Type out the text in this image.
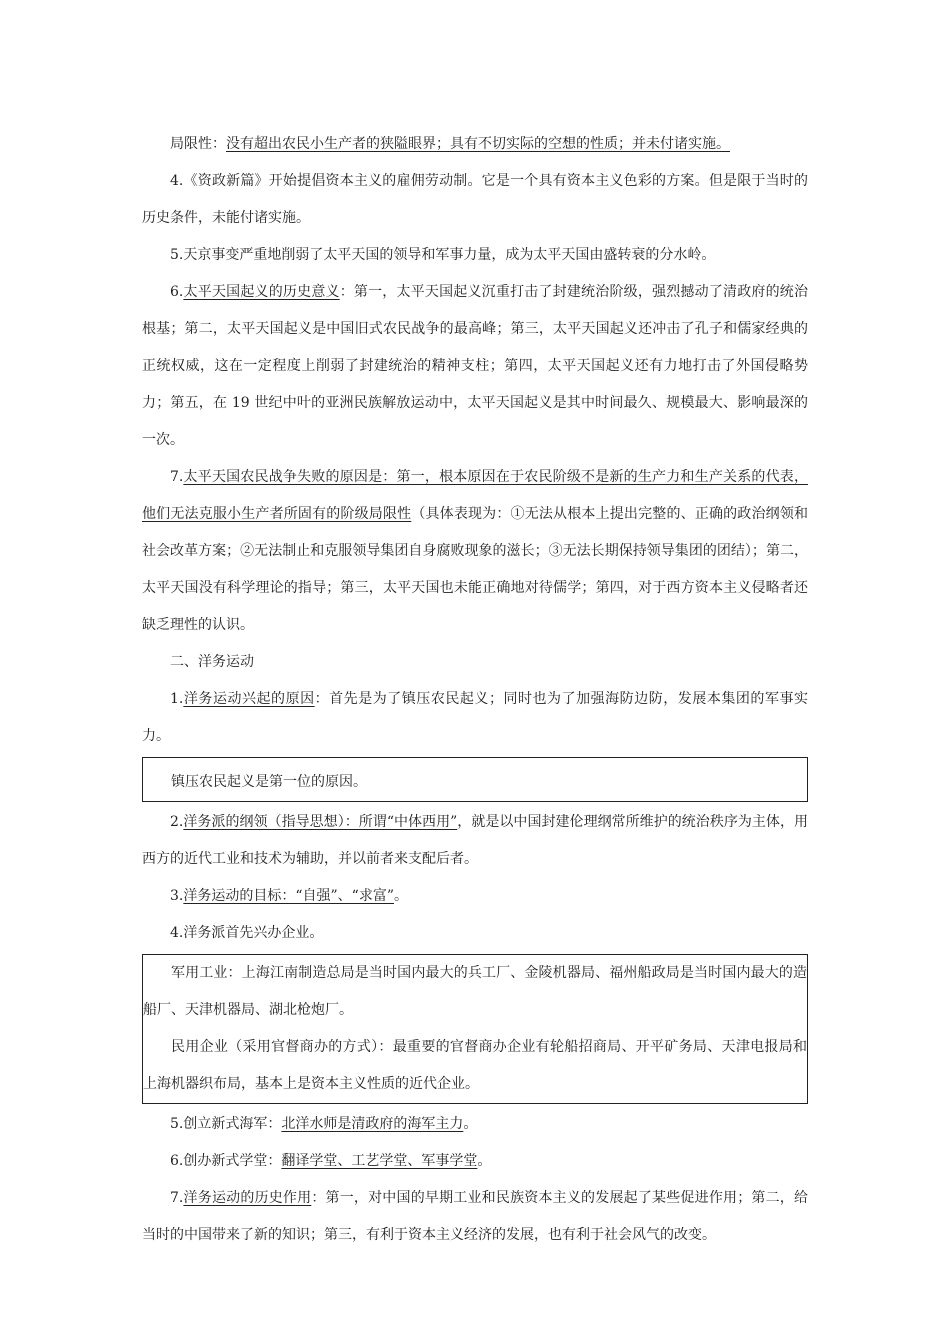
局限性：没有超出农民小生产者的狭隘眼界；具有不切实际的空想的性质；并未付诸实施。

4.《资政新篇》开始提倡资本主义的雇佣劳动制。它是一个具有资本主义色彩的方案。但是限于当时的历史条件，未能付诸实施。

5.天京事变严重地削弱了太平天国的领导和军事力量，成为太平天国由盛转衰的分水岭。

6.太平天国起义的历史意义：第一，太平天国起义沉重打击了封建统治阶级，强烈撼动了清政府的统治根基；第二，太平天国起义是中国旧式农民战争的最高峰；第三，太平天国起义还冲击了孔子和儒家经典的正统权威，这在一定程度上削弱了封建统治的精神支柱；第四，太平天国起义还有力地打击了外国侵略势力；第五，在 19 世纪中叶的亚洲民族解放运动中，太平天国起义是其中时间最久、规模最大、影响最深的一次。

7.太平天国农民战争失败的原因是：第一，根本原因在于农民阶级不是新的生产力和生产关系的代表，他们无法克服小生产者所固有的阶级局限性（具体表现为：①无法从根本上提出完整的、正确的政治纲领和社会改革方案；②无法制止和克服领导集团自身腐败现象的滋长；③无法长期保持领导集团的团结）；第二，太平天国没有科学理论的指导；第三，太平天国也未能正确地对待儒学；第四，对于西方资本主义侵略者还缺乏理性的认识。

二、洋务运动

1.洋务运动兴起的原因：首先是为了镇压农民起义；同时也为了加强海防边防，发展本集团的军事实力。

镇压农民起义是第一位的原因。

2.洋务派的纲领（指导思想）：所谓“中体西用”，就是以中国封建伦理纲常所维护的统治秩序为主体，用西方的近代工业和技术为辅助，并以前者来支配后者。

3.洋务运动的目标：“自强”、“求富”。

4.洋务派首先兴办企业。

军用工业：上海江南制造总局是当时国内最大的兵工厂、金陵机器局、福州船政局是当时国内最大的造船厂、天津机器局、湖北枪炮厂。

民用企业（采用官督商办的方式）：最重要的官督商办企业有轮船招商局、开平矿务局、天津电报局和上海机器织布局，基本上是资本主义性质的近代企业。

5.创立新式海军：北洋水师是清政府的海军主力。

6.创办新式学堂：翻译学堂、工艺学堂、军事学堂。

7.洋务运动的历史作用：第一，对中国的早期工业和民族资本主义的发展起了某些促进作用；第二，给当时的中国带来了新的知识；第三，有利于资本主义经济的发展，也有利于社会风气的改变。
